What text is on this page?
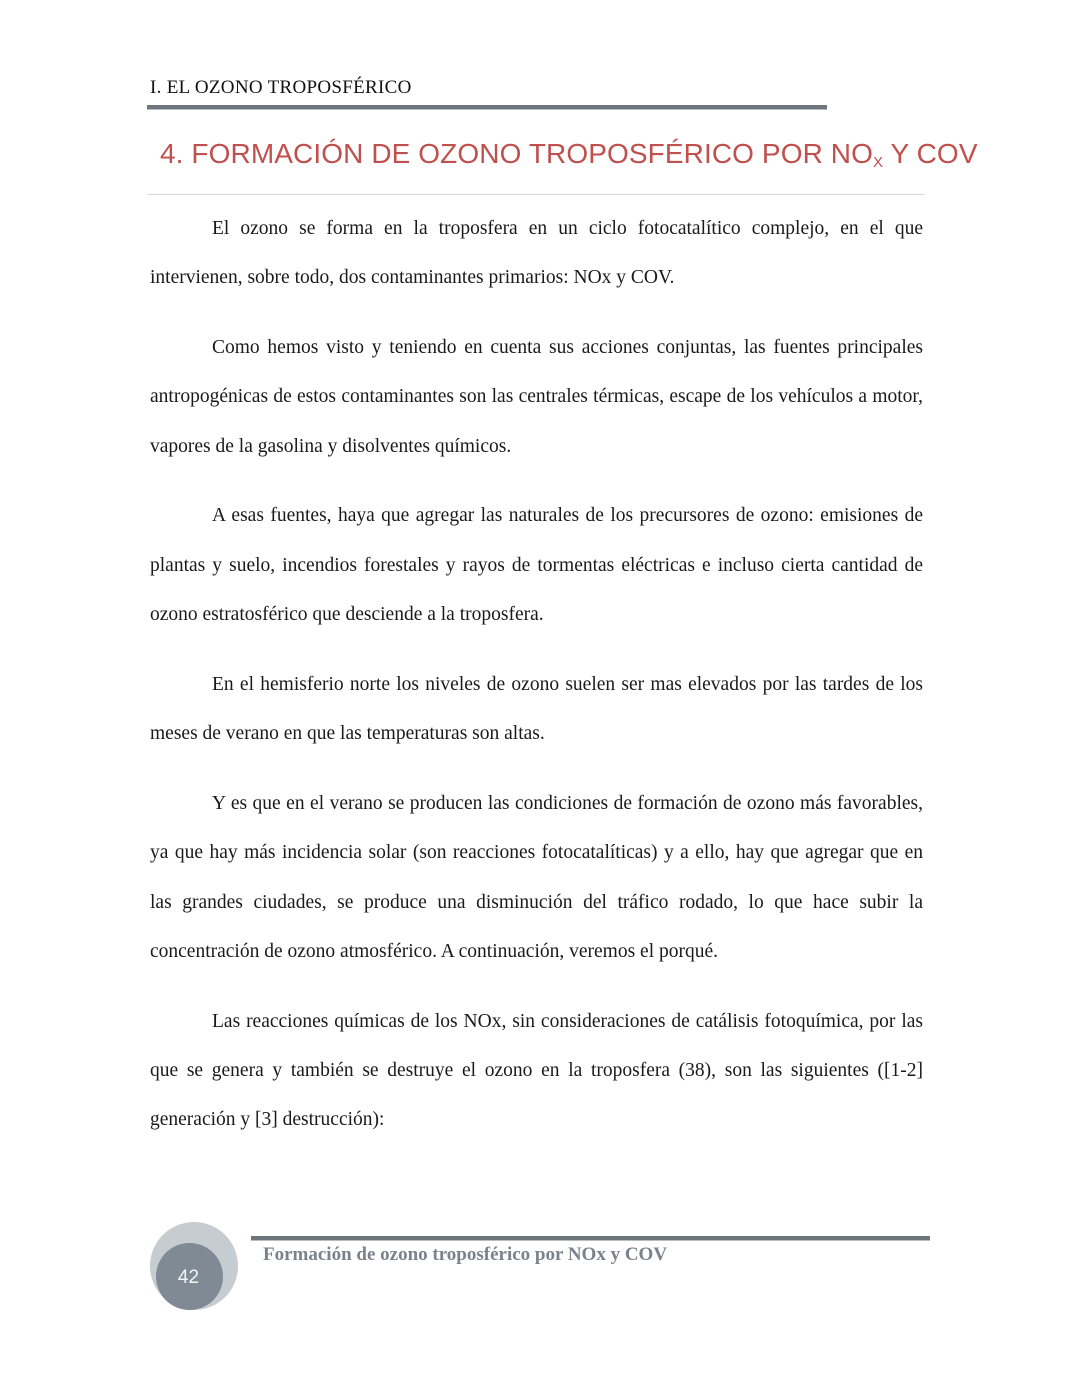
I. EL OZONO TROPOSFÉRICO
4. FORMACIÓN DE OZONO TROPOSFÉRICO POR $NO_X$ Y COV

El ozono se forma en la troposfera en un ciclo fotocatalítico complejo, en el que intervienen, sobre todo, dos contaminantes primarios: NOx y COV.

Como hemos visto y teniendo en cuenta sus acciones conjuntas, las fuentes principales antropogénicas de estos contaminantes son las centrales térmicas, escape de los vehículos a motor, vapores de la gasolina y disolventes químicos.

A esas fuentes, haya que agregar las naturales de los precursores de ozono: emisiones de plantas y suelo, incendios forestales y rayos de tormentas eléctricas e incluso cierta cantidad de ozono estratosférico que desciende a la troposfera.

En el hemisferio norte los niveles de ozono suelen ser mas elevados por las tardes de los meses de verano en que las temperaturas son altas.

Y es que en el verano se producen las condiciones de formación de ozono más favorables, ya que hay más incidencia solar (son reacciones fotocatalíticas) y a ello, hay que agregar que en las grandes ciudades, se produce una disminución del tráfico rodado, lo que hace subir la concentración de ozono atmosférico. A continuación, veremos el porqué.

Las reacciones químicas de los NOx, sin consideraciones de catálisis fotoquímica, por las que se genera y también se destruye el ozono en la troposfera (38), son las siguientes ([1-2] generación y [3] destrucción):

42
Formación de ozono troposférico por NOx y COV
